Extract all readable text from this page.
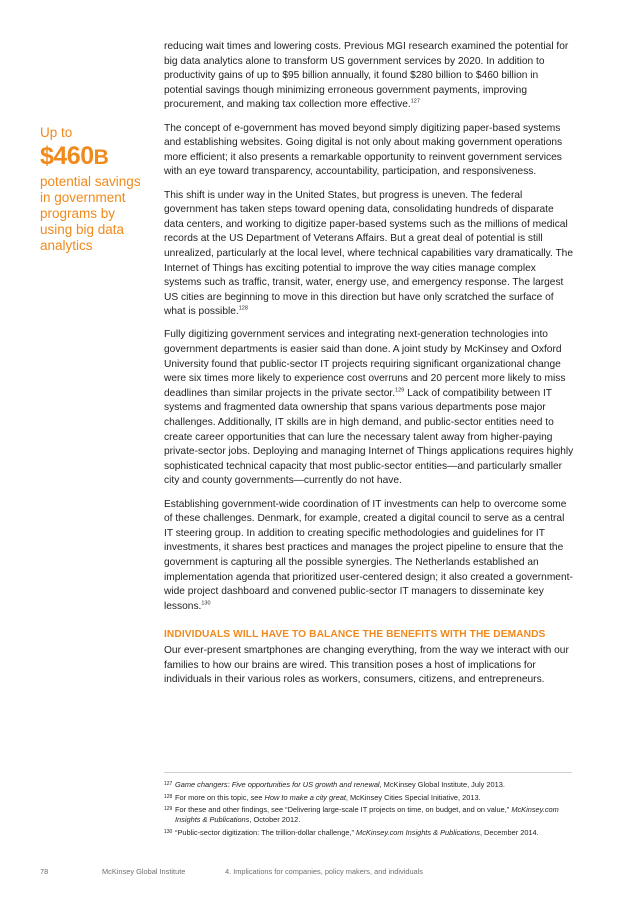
Up to
$460B
potential savings in government programs by using big data analytics

reducing wait times and lowering costs. Previous MGI research examined the potential for big data analytics alone to transform US government services by 2020. In addition to productivity gains of up to $95 billion annually, it found $280 billion to $460 billion in potential savings though minimizing erroneous government payments, improving procurement, and making tax collection more effective.$^{127}$

The concept of e-government has moved beyond simply digitizing paper-based systems and establishing websites. Going digital is not only about making government operations more efficient; it also presents a remarkable opportunity to reinvent government services with an eye toward transparency, accountability, participation, and responsiveness.

This shift is under way in the United States, but progress is uneven. The federal government has taken steps toward opening data, consolidating hundreds of disparate data centers, and working to digitize paper-based systems such as the millions of medical records at the US Department of Veterans Affairs. But a great deal of potential is still unrealized, particularly at the local level, where technical capabilities vary dramatically. The Internet of Things has exciting potential to improve the way cities manage complex systems such as traffic, transit, water, energy use, and emergency response. The largest US cities are beginning to move in this direction but have only scratched the surface of what is possible.$^{128}$

Fully digitizing government services and integrating next-generation technologies into government departments is easier said than done. A joint study by McKinsey and Oxford University found that public-sector IT projects requiring significant organizational change were six times more likely to experience cost overruns and 20 percent more likely to miss deadlines than similar projects in the private sector.$^{129}$ Lack of compatibility between IT systems and fragmented data ownership that spans various departments pose major challenges. Additionally, IT skills are in high demand, and public-sector entities need to create career opportunities that can lure the necessary talent away from higher-paying private-sector jobs. Deploying and managing Internet of Things applications requires highly sophisticated technical capacity that most public-sector entities—and particularly smaller city and county governments—currently do not have.

Establishing government-wide coordination of IT investments can help to overcome some of these challenges. Denmark, for example, created a digital council to serve as a central IT steering group. In addition to creating specific methodologies and guidelines for IT investments, it shares best practices and manages the project pipeline to ensure that the government is capturing all the possible synergies. The Netherlands established an implementation agenda that prioritized user-centered design; it also created a government-wide project dashboard and convened public-sector IT managers to disseminate key lessons.$^{130}$

INDIVIDUALS WILL HAVE TO BALANCE THE BENEFITS WITH THE DEMANDS

Our ever-present smartphones are changing everything, from the way we interact with our families to how our brains are wired. This transition poses a host of implications for individuals in their various roles as workers, consumers, citizens, and entrepreneurs.

127 Game changers: Five opportunities for US growth and renewal, McKinsey Global Institute, July 2013.
128 For more on this topic, see How to make a city great, McKinsey Cities Special Initiative, 2013.
129 For these and other findings, see “Delivering large-scale IT projects on time, on budget, and on value,” McKinsey.com Insights & Publications, October 2012.
130 “Public-sector digitization: The trillion-dollar challenge,” McKinsey.com Insights & Publications, December 2014.
78	McKinsey Global Institute	4. Implications for companies, policy makers, and individuals
